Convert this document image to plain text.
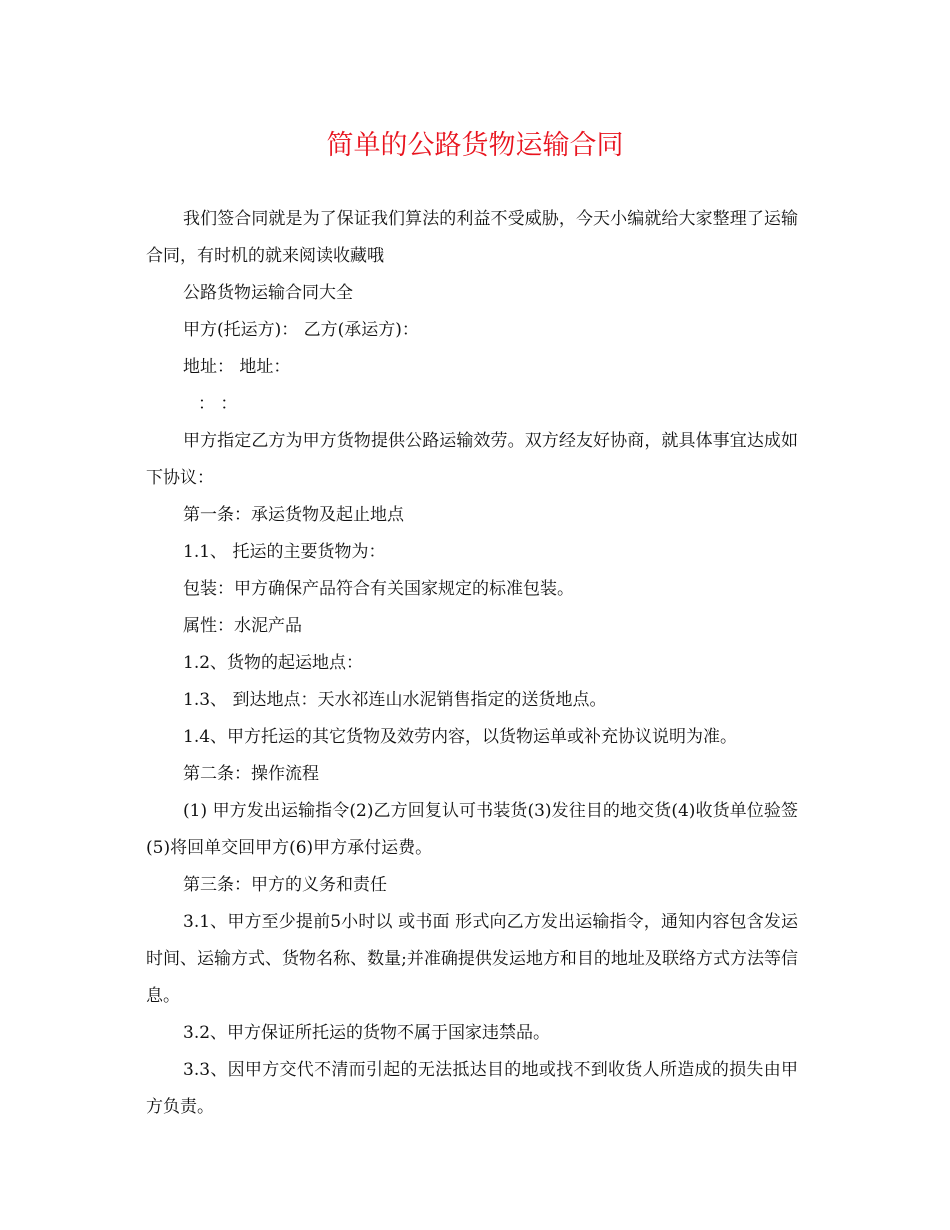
简单的公路货物运输合同

我们签合同就是为了保证我们算法的利益不受威胁，今天小编就给大家整理了运输合同，有时机的就来阅读收藏哦

公路货物运输合同大全

甲方(托运方)： 乙方(承运方)：

地址： 地址：

： ：

甲方指定乙方为甲方货物提供公路运输效劳。双方经友好协商，就具体事宜达成如下协议：

第一条：承运货物及起止地点

1.1、 托运的主要货物为：

包装：甲方确保产品符合有关国家规定的标准包装。

属性：水泥产品

1.2、货物的起运地点：

1.3、 到达地点：天水祁连山水泥销售指定的送货地点。

1.4、甲方托运的其它货物及效劳内容，以货物运单或补充协议说明为准。

第二条：操作流程

(1) 甲方发出运输指令(2)乙方回复认可书装货(3)发往目的地交货(4)收货单位验签(5)将回单交回甲方(6)甲方承付运费。

第三条：甲方的义务和责任

3.1、甲方至少提前5小时以 或书面 形式向乙方发出运输指令，通知内容包含发运时间、运输方式、货物名称、数量;并准确提供发运地方和目的地址及联络方式方法等信息。

3.2、甲方保证所托运的货物不属于国家违禁品。

3.3、因甲方交代不清而引起的无法抵达目的地或找不到收货人所造成的损失由甲方负责。
